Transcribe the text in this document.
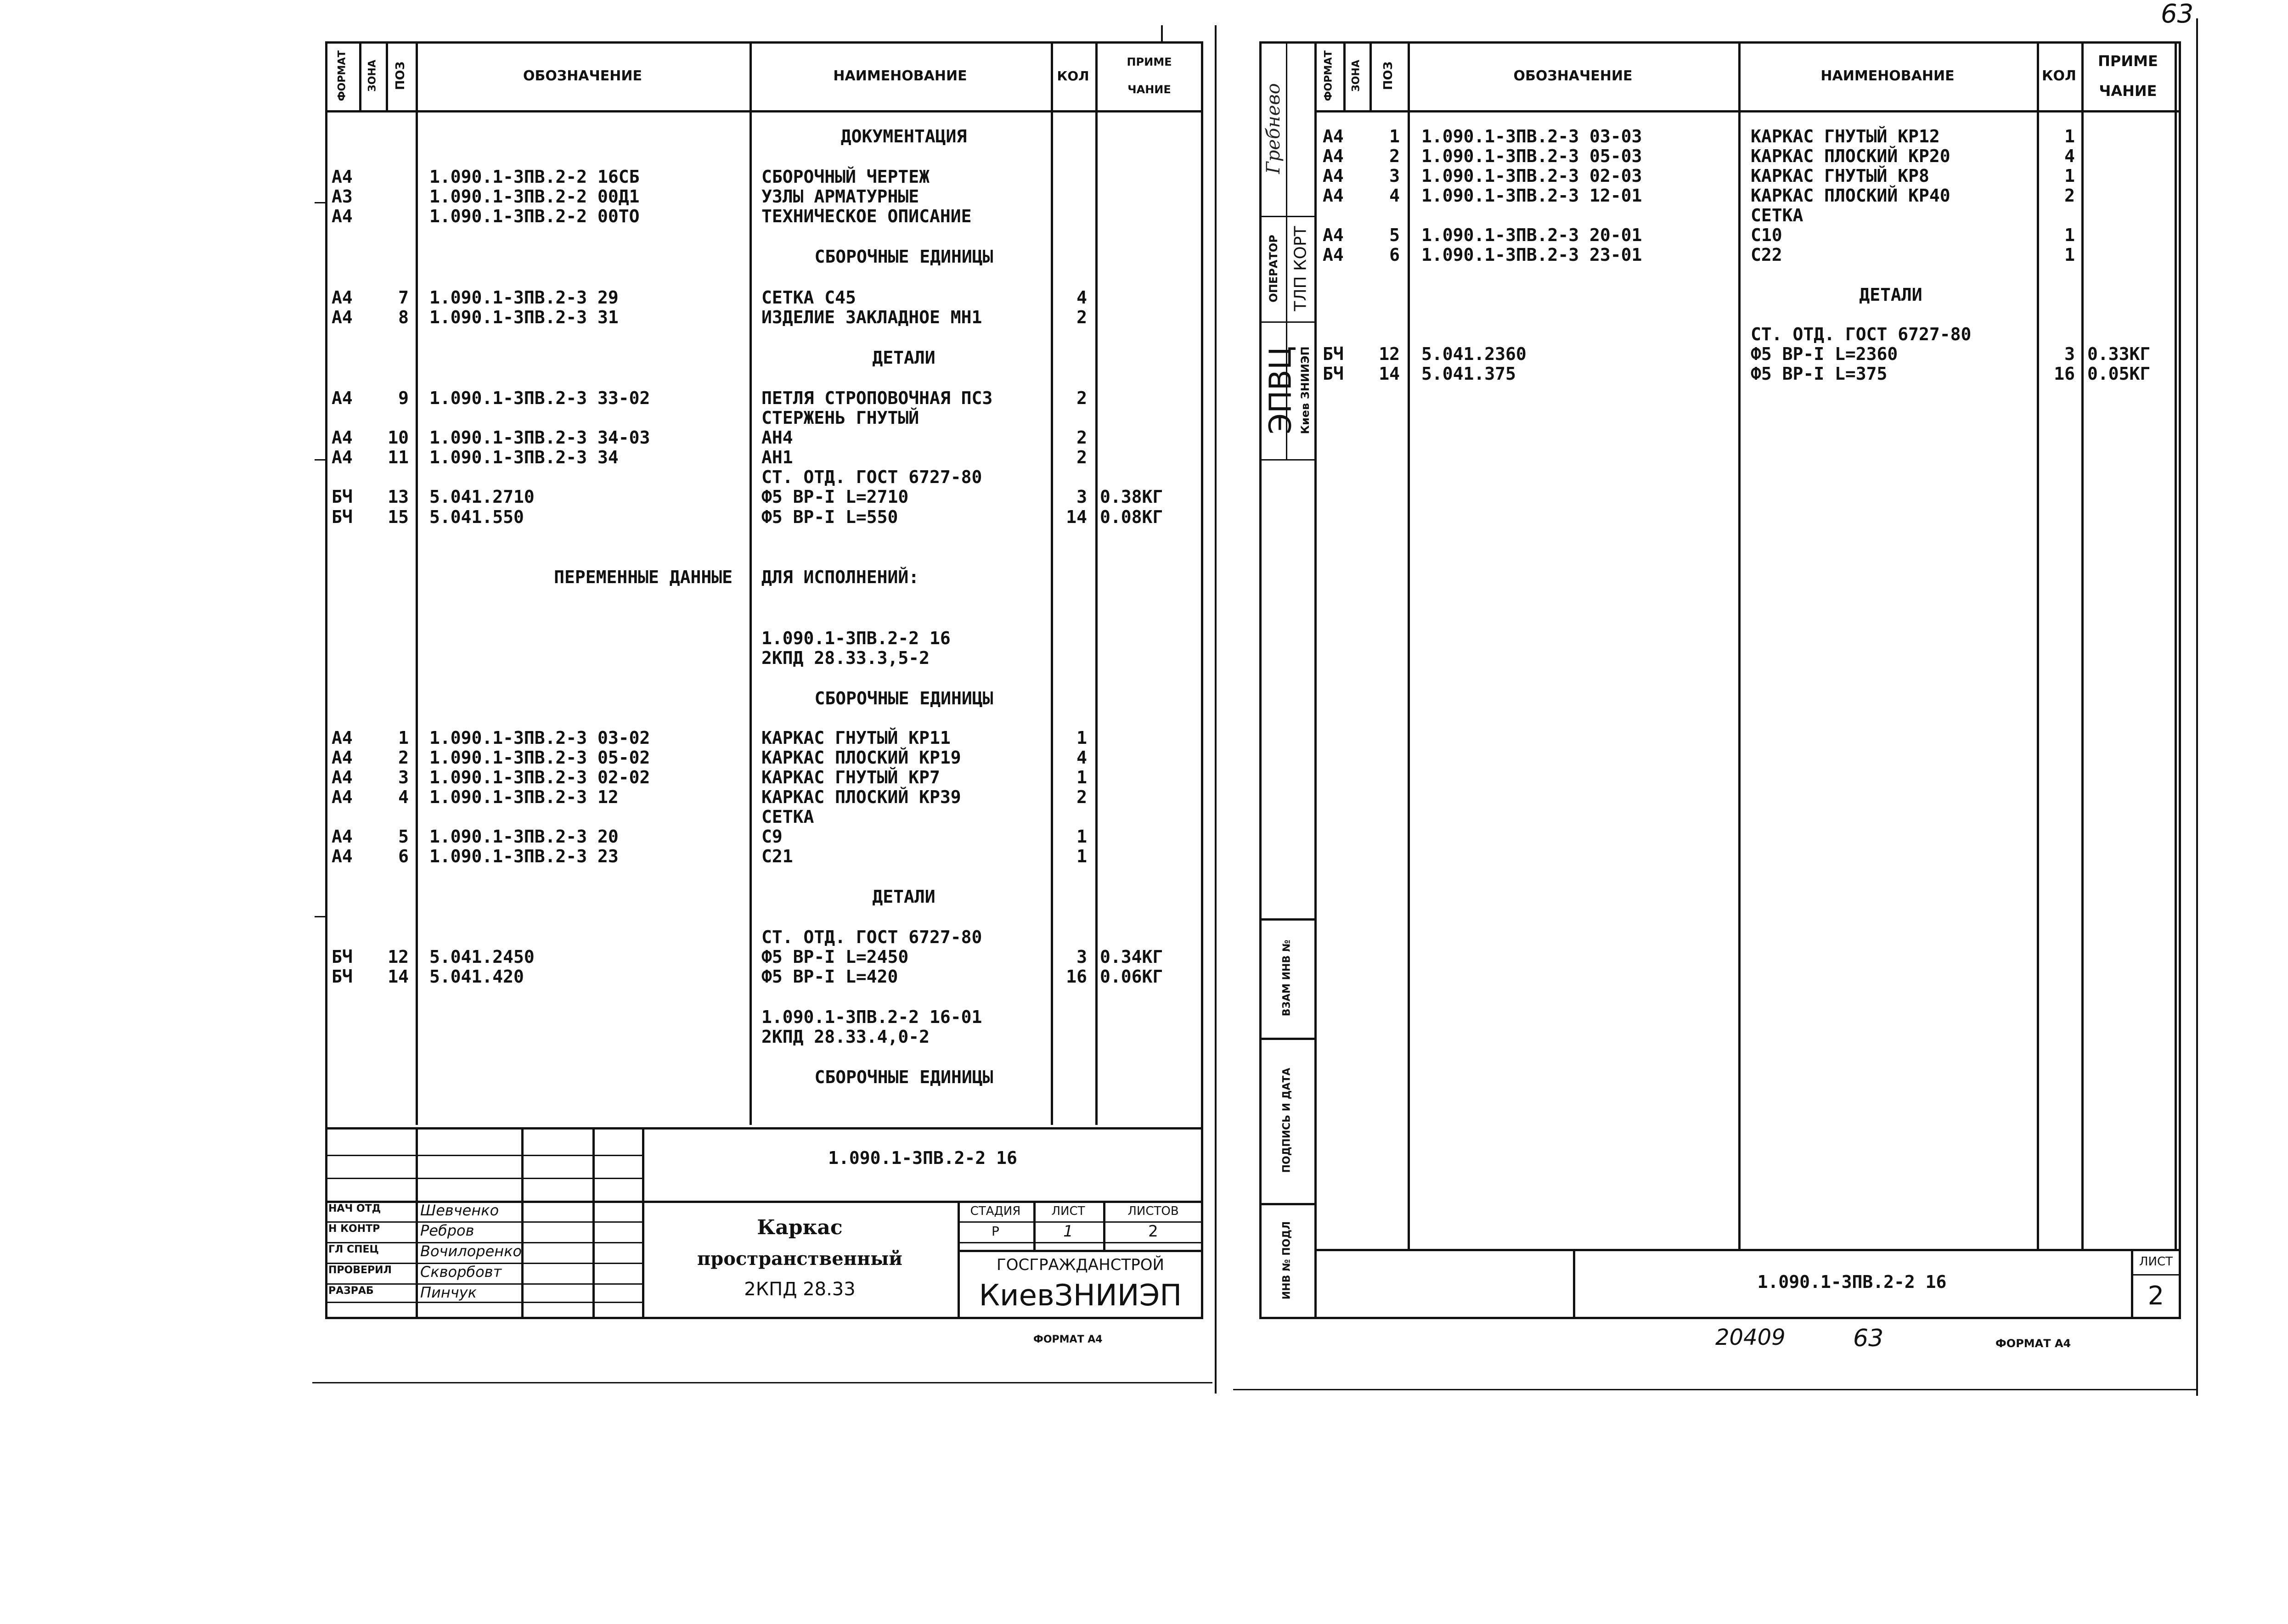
ФОРМАТ ЗОНА ПОЗ	ОБОЗНАЧЕНИЕ	НАИМЕНОВАНИЕ	КОЛ
ПРИМЕ
ЧАНИЕ
ДОКУМЕНТАЦИЯ
А4	1.090.1-3ПВ.2-2 16СБ	СБОРОЧНЫЙ ЧЕРТЕЖ
А3	1.090.1-3ПВ.2-2 00Д1	УЗЛЫ АРМАТУРНЫЕ
А4	1.090.1-3ПВ.2-2 00ТО	ТЕХНИЧЕСКОЕ ОПИСАНИЕ
СБОРОЧНЫЕ ЕДИНИЦЫ
А4	7 1.090.1-3ПВ.2-3 29	СЕТКА С45	4
А4	8 1.090.1-3ПВ.2-3 31	ИЗДЕЛИЕ ЗАКЛАДНОЕ МН1	2
ДЕТАЛИ
А4	9 1.090.1-3ПВ.2-3 33-02	ПЕТЛЯ СТРОПОВОЧНАЯ ПС3	2
СТЕРЖЕНЬ ГНУТЫЙ
А4	10 1.090.1-3ПВ.2-3 34-03	АН4	2
А4	11 1.090.1-3ПВ.2-3 34	АН1	2
СТ. ОТД. ГОСТ 6727-80
БЧ	13 5.041.2710	Ф5 ВР-I L=2710	3 0.38КГ
БЧ	15 5.041.550	Ф5 ВР-I L=550	14 0.08КГ
ПЕРЕМЕННЫЕ ДАННЫЕ ДЛЯ ИСПОЛНЕНИЙ:
1.090.1-3ПВ.2-2 16
2КПД 28.33.3,5-2
СБОРОЧНЫЕ ЕДИНИЦЫ
А4	1 1.090.1-3ПВ.2-3 03-02	КАРКАС ГНУТЫЙ КР11	1
А4	2 1.090.1-3ПВ.2-3 05-02	КАРКАС ПЛОСКИЙ КР19	4
А4	3 1.090.1-3ПВ.2-3 02-02	КАРКАС ГНУТЫЙ КР7	1
А4	4 1.090.1-3ПВ.2-3 12	КАРКАС ПЛОСКИЙ КР39	2
СЕТКА
А4	5 1.090.1-3ПВ.2-3 20	С9	1
А4	6 1.090.1-3ПВ.2-3 23	С21	1
ДЕТАЛИ
СТ. ОТД. ГОСТ 6727-80
БЧ	12 5.041.2450	Ф5 ВР-I L=2450	3 0.34КГ
БЧ	14 5.041.420	Ф5 ВР-I L=420	16 0.06КГ
1.090.1-3ПВ.2-2 16-01
2КПД 28.33.4,0-2
СБОРОЧНЫЕ ЕДИНИЦЫ
1.090.1-3ПВ.2-2 16
Каркас
пространственный
2КПД 28.33
СТАДИЯ	ЛИСТ	ЛИСТОВ
Р	1	2
ГОСГРАЖДАНСТРОЙ
КиевЗНИИЭП
НАЧ ОТД	Шевченко
Н КОНТР	Ребров
ГЛ СПЕЦ	Вочилоренко
ПРОВЕРИЛ Скворбовт
РАЗРАБ	Пинчук
ФОРМАТ А4
ФОРМАТ ЗОНА ПОЗ	ОБОЗНАЧЕНИЕ	НАИМЕНОВАНИЕ	КОЛ
ПРИМЕ
ЧАНИЕ
А4	1 1.090.1-3ПВ.2-3 03-03	КАРКАС ГНУТЫЙ КР12	1
А4	2 1.090.1-3ПВ.2-3 05-03	КАРКАС ПЛОСКИЙ КР20	4
А4	3 1.090.1-3ПВ.2-3 02-03	КАРКАС ГНУТЫЙ КР8	1
А4	4 1.090.1-3ПВ.2-3 12-01	КАРКАС ПЛОСКИЙ КР40	2
СЕТКА
А4	5 1.090.1-3ПВ.2-3 20-01	С10	1
А4	6 1.090.1-3ПВ.2-3 23-01	С22	1
ДЕТАЛИ
СТ. ОТД. ГОСТ 6727-80
БЧ	12 5.041.2360	Ф5 ВР-I L=2360	3 0.33КГ
БЧ	14 5.041.375	Ф5 ВР-I L=375	16 0.05КГ
1.090.1-3ПВ.2-2 16
ЛИСТ
2
Гребнево
ОПЕРАТОР ТЛП КОРТ
ЭПВЦ Киев ЗНИИЭП
ВЗАМ ИНВ №
ПОДПИСЬ И ДАТА
ИНВ № ПОДЛ
63
20409	63	ФОРМАТ А4
